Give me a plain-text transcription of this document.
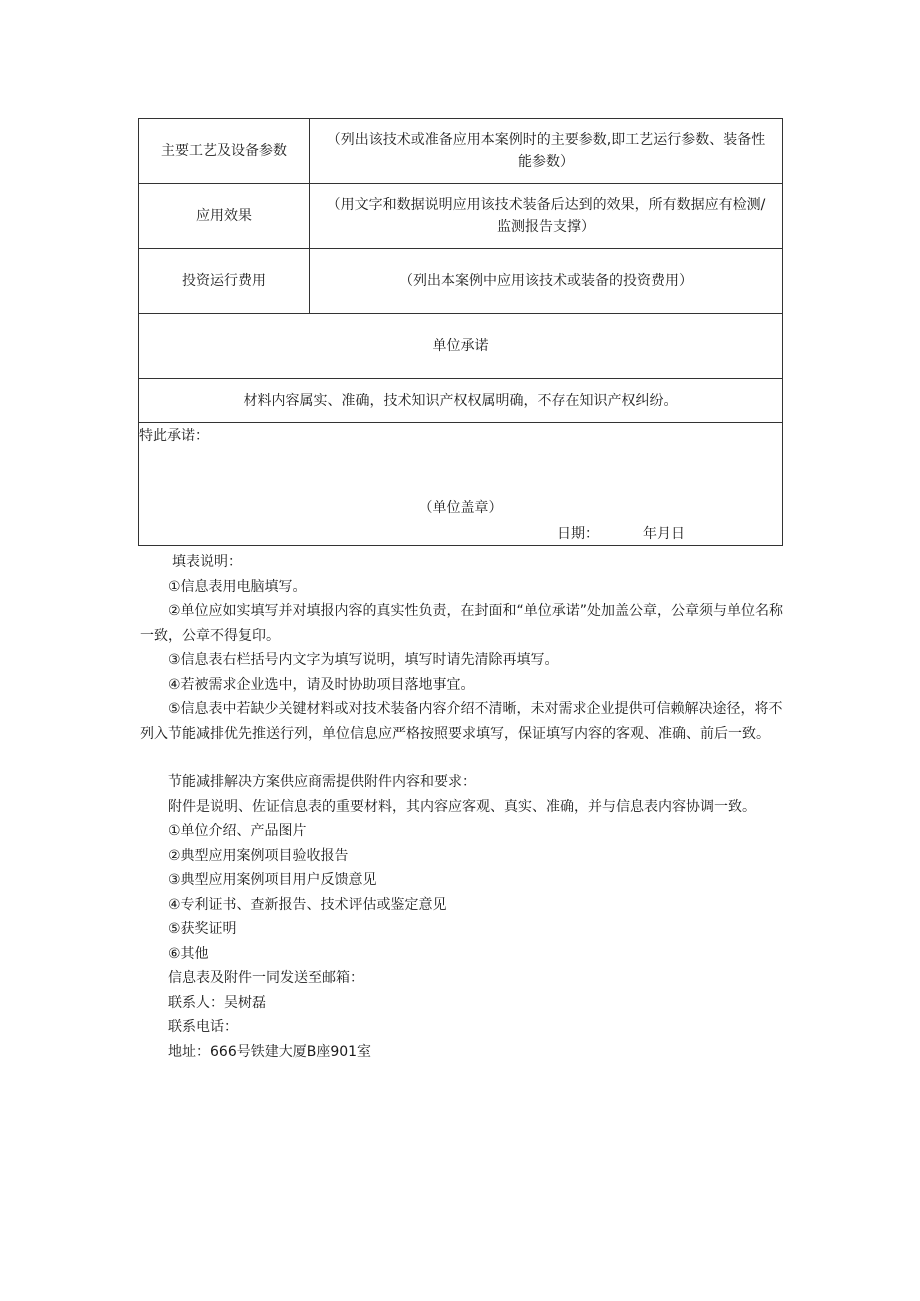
主要工艺及设备参数	（列出该技术或准备应用本案例时的主要参数,即工艺运行参数、装备性能参数）
应用效果	（用文字和数据说明应用该技术装备后达到的效果，所有数据应有检测/监测报告支撑）
投资运行费用	（列出本案例中应用该技术或装备的投资费用）
单位承诺	
材料内容属实、准确，技术知识产权权属明确，不存在知识产权纠纷。	

特此承诺：
（单位盖章）
日期： 年月日	

填表说明：

①信息表用电脑填写。

②单位应如实填写并对填报内容的真实性负责，在封面和“单位承诺”处加盖公章，公章须与单位名称一致，公章不得复印。

③信息表右栏括号内文字为填写说明，填写时请先清除再填写。

④若被需求企业选中，请及时协助项目落地事宜。

⑤信息表中若缺少关键材料或对技术装备内容介绍不清晰，未对需求企业提供可信赖解决途径，将不列入节能减排优先推送行列，单位信息应严格按照要求填写，保证填写内容的客观、准确、前后一致。

节能减排解决方案供应商需提供附件内容和要求：

附件是说明、佐证信息表的重要材料，其内容应客观、真实、准确，并与信息表内容协调一致。

①单位介绍、产品图片

②典型应用案例项目验收报告

③典型应用案例项目用户反馈意见

④专利证书、查新报告、技术评估或鉴定意见

⑤获奖证明

⑥其他

信息表及附件一同发送至邮箱：

联系人：吴树磊

联系电话：

地址：666号铁建大厦B座901室
